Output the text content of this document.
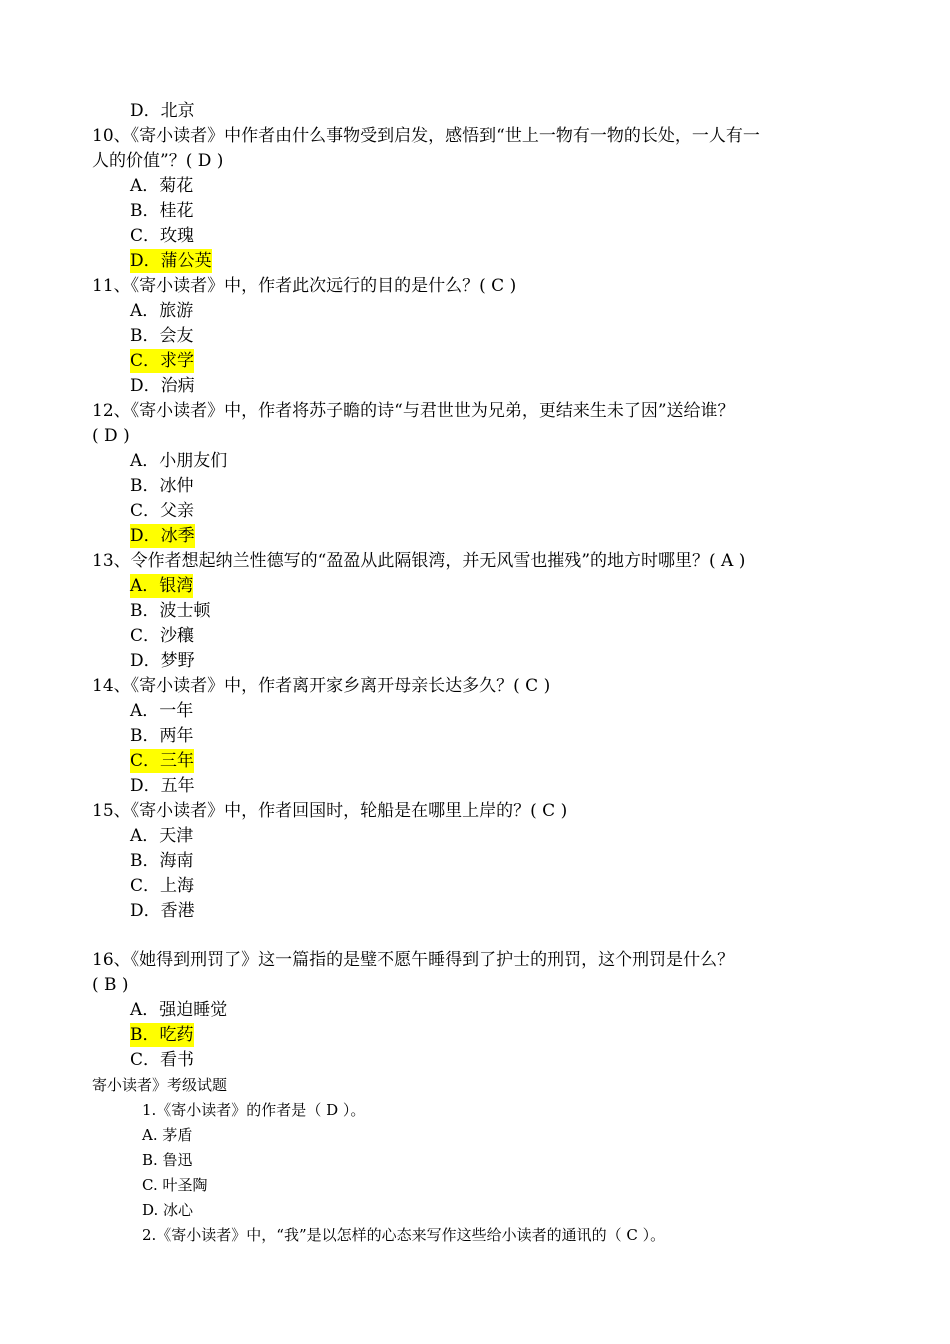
D．北京
10、《寄小读者》中作者由什么事物受到启发，感悟到“世上一物有一物的长处，一人有一
人的价值”？( D )
A．菊花
B．桂花
C．玫瑰
D．蒲公英
11、《寄小读者》中，作者此次远行的目的是什么？( C )
A．旅游
B．会友
C．求学
D．治病
12、《寄小读者》中，作者将苏子瞻的诗“与君世世为兄弟，更结来生未了因”送给谁？
( D )
A．小朋友们
B．冰仲
C．父亲
D．冰季
13、令作者想起纳兰性德写的“盈盈从此隔银湾，并无风雪也摧残”的地方时哪里？( A )
A．银湾
B．波士顿
C．沙穰
D．梦野
14、《寄小读者》中，作者离开家乡离开母亲长达多久？( C )
A．一年
B．两年
C．三年
D．五年
15、《寄小读者》中，作者回国时，轮船是在哪里上岸的？( C )
A．天津
B．海南
C．上海
D．香港
16、《她得到刑罚了》这一篇指的是璧不愿午睡得到了护士的刑罚，这个刑罚是什么？
( B )
A．强迫睡觉
B．吃药
C．看书
寄小读者》考级试题
1.《寄小读者》的作者是（ D ）。
A. 茅盾
B. 鲁迅
C. 叶圣陶
D. 冰心
2.《寄小读者》中，“我”是以怎样的心态来写作这些给小读者的通讯的（ C ）。
